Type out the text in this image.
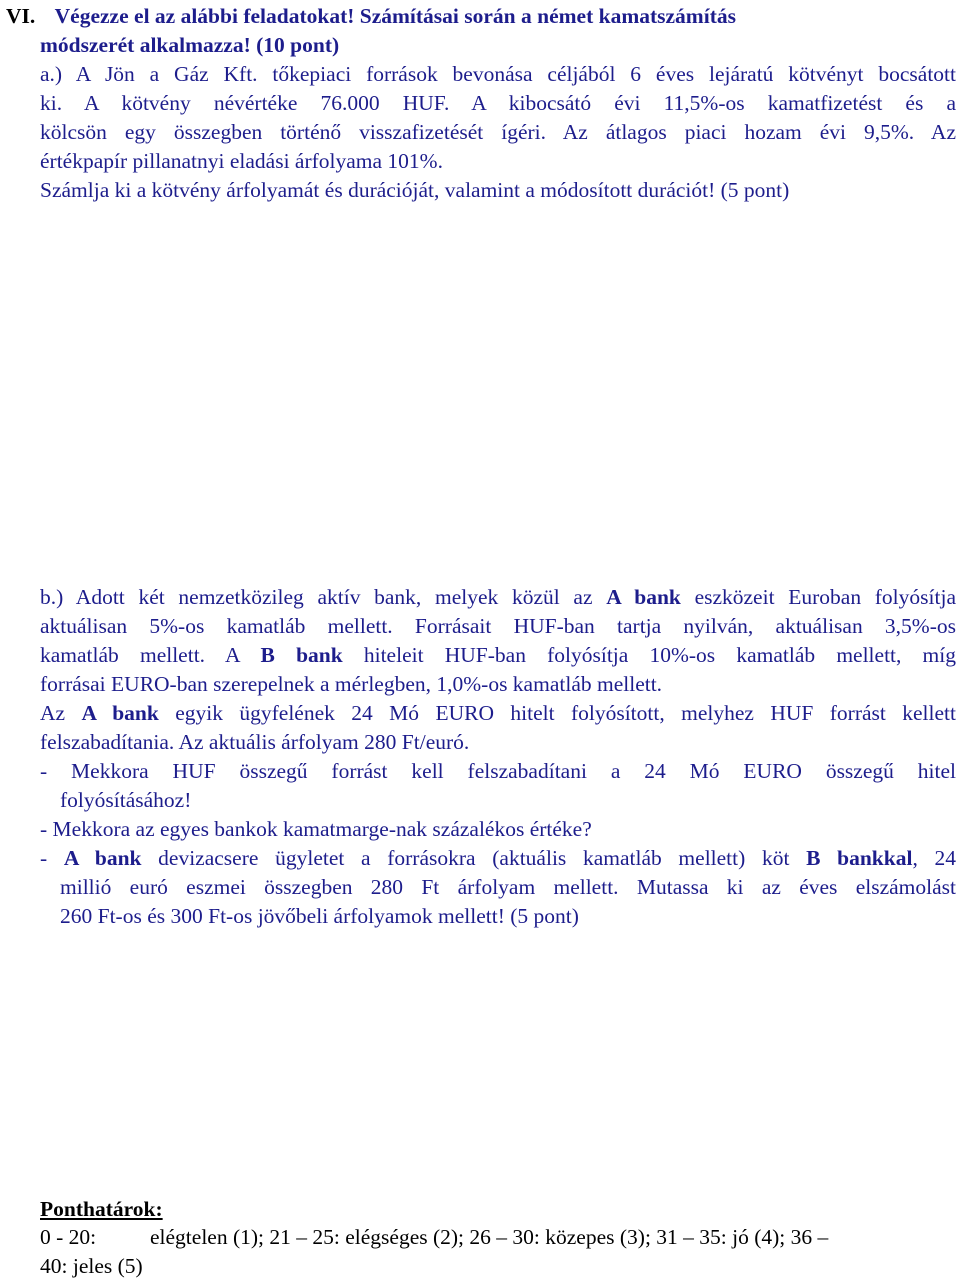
VI. Végezze el az alábbi feladatokat! Számításai során a német kamatszámítás
módszerét alkalmazza! (10 pont)
a.) A Jön a Gáz Kft. tőkepiaci források bevonása céljából 6 éves lejáratú kötvényt bocsátott
ki. A kötvény névértéke 76.000 HUF. A kibocsátó évi 11,5%-os kamatfizetést és a
kölcsön egy összegben történő visszafizetését ígéri. Az átlagos piaci hozam évi 9,5%. Az
értékpapír pillanatnyi eladási árfolyama 101%.
Számlja ki a kötvény árfolyamát és durációját, valamint a módosított durációt! (5 pont)
b.) Adott két nemzetközileg aktív bank, melyek közül az A bank eszközeit Euroban folyósítja
aktuálisan 5%-os kamatláb mellett. Forrásait HUF-ban tartja nyilván, aktuálisan 3,5%-os
kamatláb mellett. A B bank hiteleit HUF-ban folyósítja 10%-os kamatláb mellett, míg
forrásai EURO-ban szerepelnek a mérlegben, 1,0%-os kamatláb mellett.
Az A bank egyik ügyfelének 24 Mó EURO hitelt folyósított, melyhez HUF forrást kellett
felszabadítania. Az aktuális árfolyam 280 Ft/euró.
- Mekkora HUF összegű forrást kell felszabadítani a 24 Mó EURO összegű hitel
folyósításához!
- Mekkora az egyes bankok kamatmarge-nak százalékos értéke?
- A bank devizacsere ügyletet a forrásokra (aktuális kamatláb mellett) köt B bankkal, 24
millió euró eszmei összegben 280 Ft árfolyam mellett. Mutassa ki az éves elszámolást
260 Ft-os és 300 Ft-os jövőbeli árfolyamok mellett! (5 pont)
Ponthatárok:
0 - 20:	elégtelen (1); 21 – 25: elégséges (2); 26 – 30: közepes (3); 31 – 35: jó (4); 36 –
40: jeles (5)
